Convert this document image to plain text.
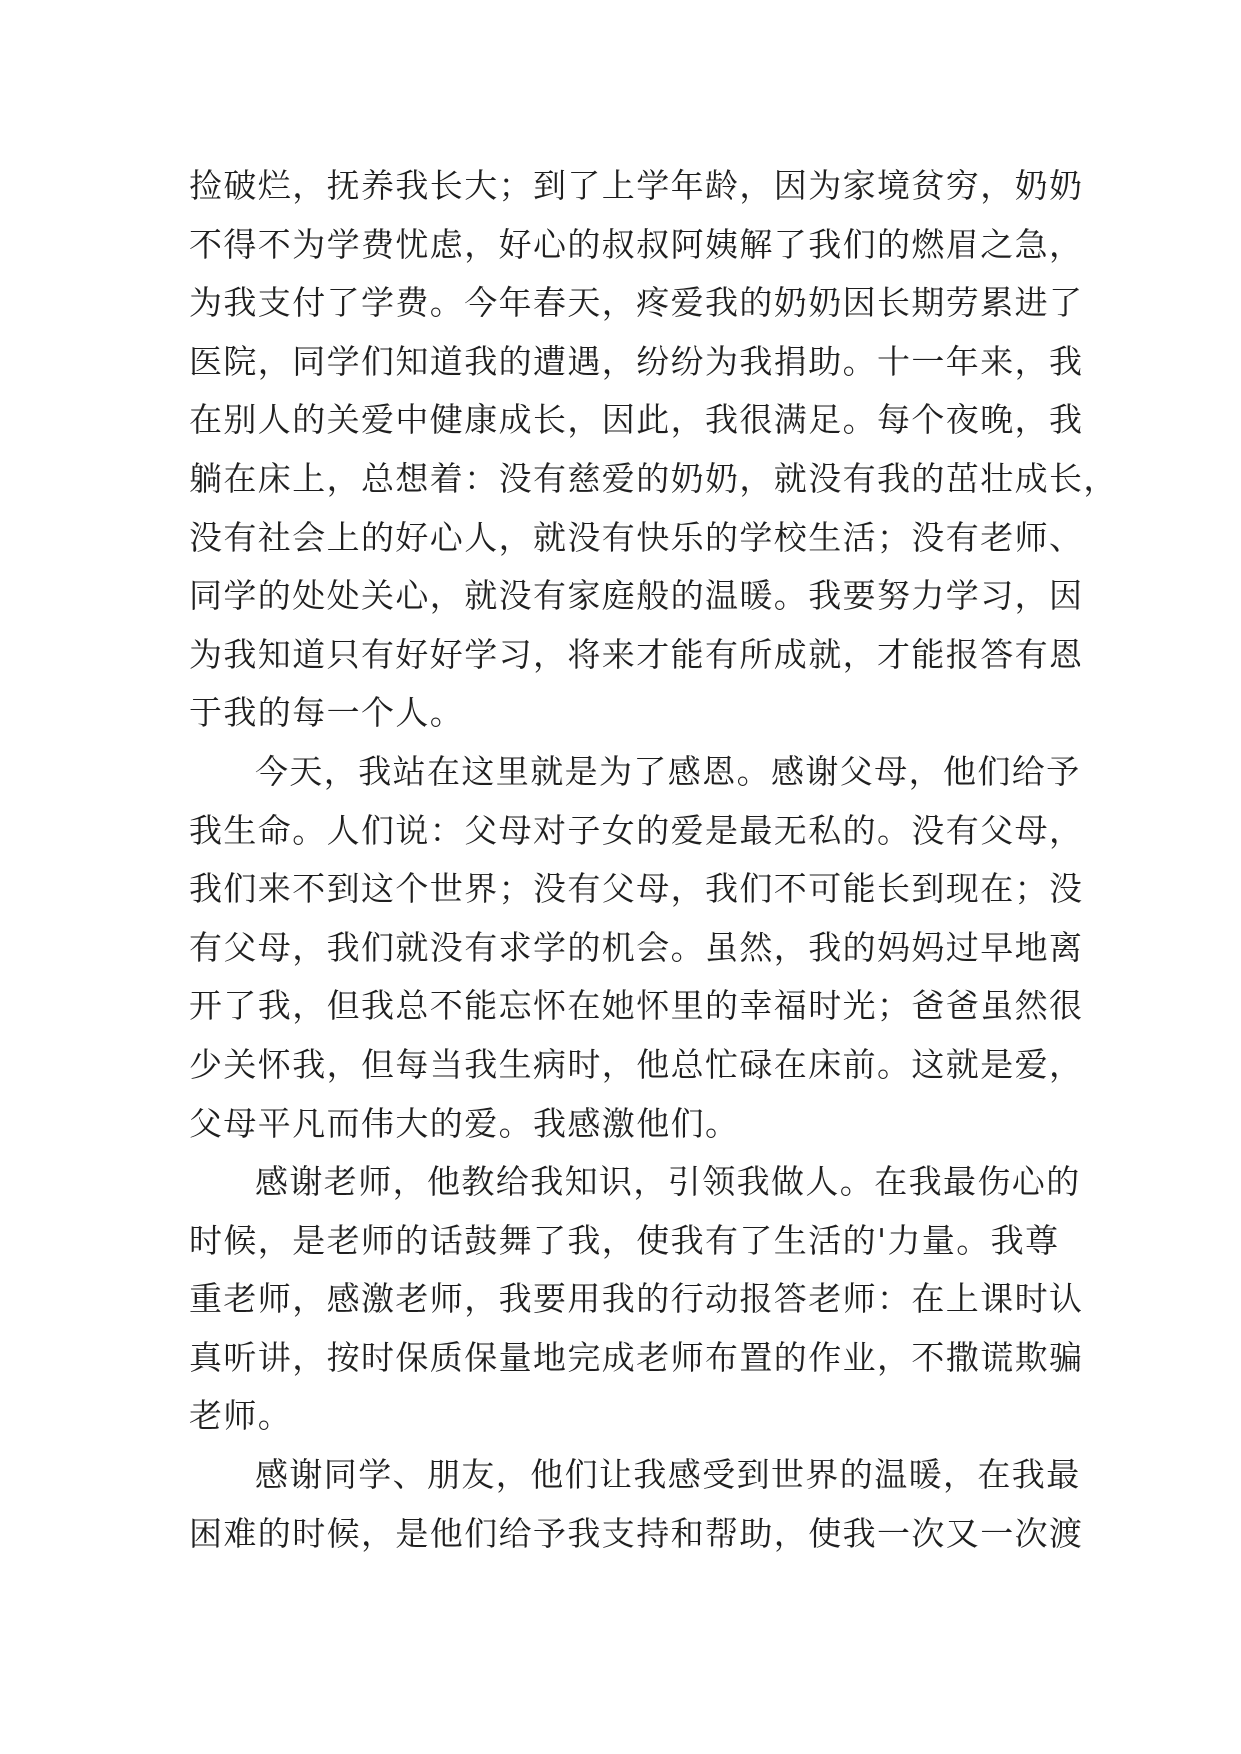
捡破烂，抚养我长大；到了上学年龄，因为家境贫穷，奶奶
不得不为学费忧虑，好心的叔叔阿姨解了我们的燃眉之急，
为我支付了学费。今年春天，疼爱我的奶奶因长期劳累进了
医院，同学们知道我的遭遇，纷纷为我捐助。十一年来，我
在别人的关爱中健康成长，因此，我很满足。每个夜晚，我
躺在床上，总想着：没有慈爱的奶奶，就没有我的茁壮成长，
没有社会上的好心人，就没有快乐的学校生活；没有老师、
同学的处处关心，就没有家庭般的温暖。我要努力学习，因
为我知道只有好好学习，将来才能有所成就，才能报答有恩
于我的每一个人。
今天，我站在这里就是为了感恩。感谢父母，他们给予
我生命。人们说：父母对子女的爱是最无私的。没有父母，
我们来不到这个世界；没有父母，我们不可能长到现在；没
有父母，我们就没有求学的机会。虽然，我的妈妈过早地离
开了我，但我总不能忘怀在她怀里的幸福时光；爸爸虽然很
少关怀我，但每当我生病时，他总忙碌在床前。这就是爱，
父母平凡而伟大的爱。我感激他们。
感谢老师，他教给我知识，引领我做人。在我最伤心的
时候，是老师的话鼓舞了我，使我有了生活的'力量。我尊
重老师，感激老师，我要用我的行动报答老师：在上课时认
真听讲，按时保质保量地完成老师布置的作业，不撒谎欺骗
老师。
感谢同学、朋友，他们让我感受到世界的温暖，在我最
困难的时候，是他们给予我支持和帮助，使我一次又一次渡
